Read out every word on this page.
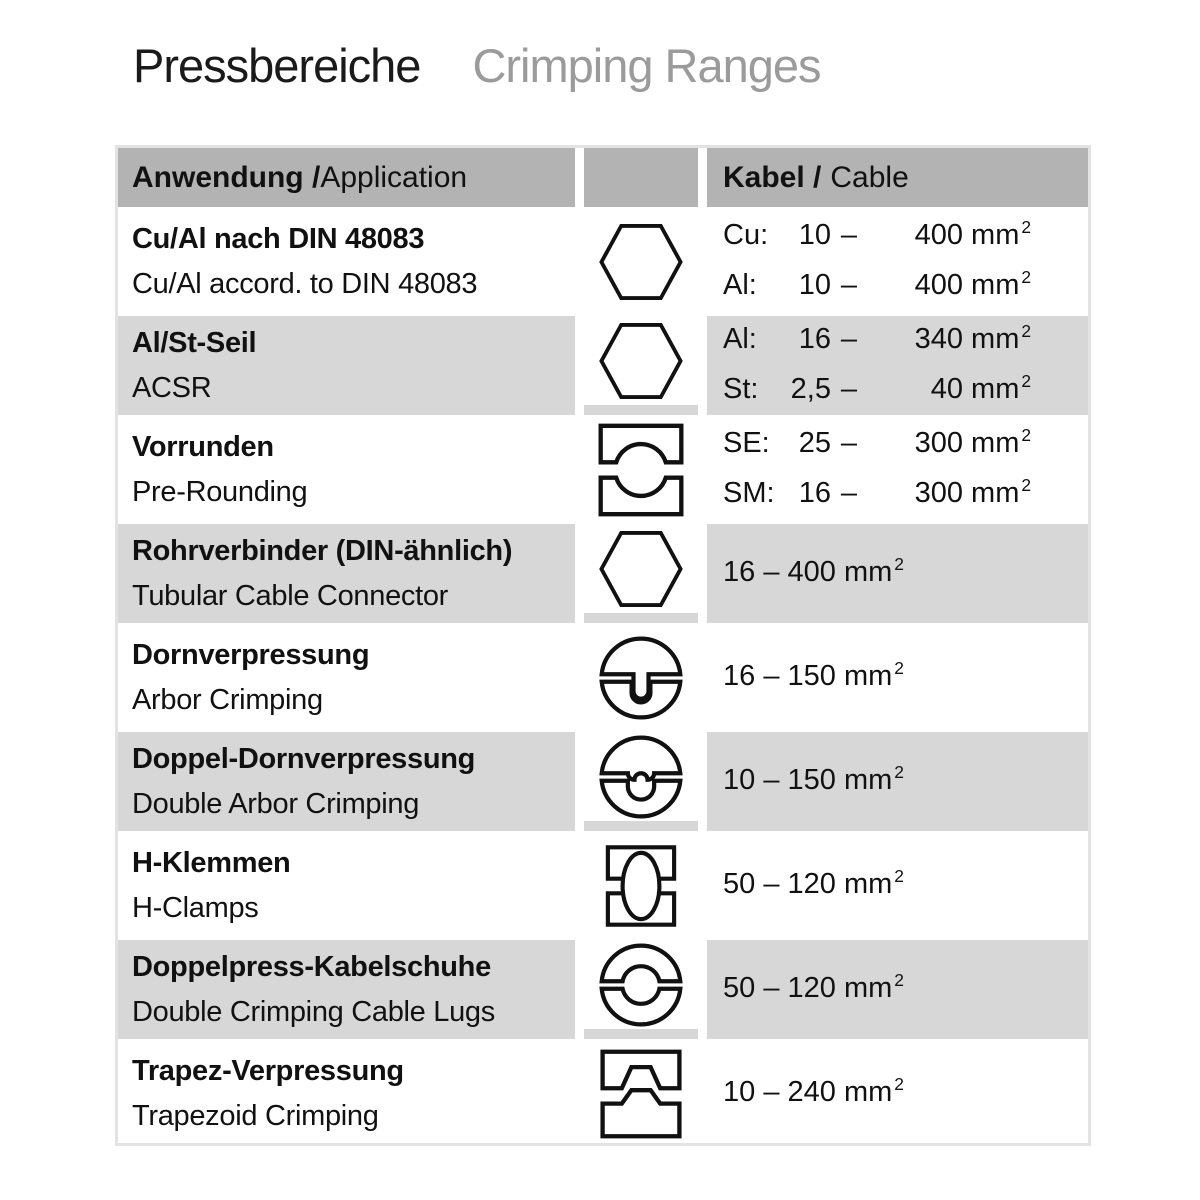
Pressbereiche Crimping Ranges
Anwendung / Application	Kabel / Cable
Cu/Al nach DIN 48083
Cu/Al accord. to DIN 48083
Cu: 10 – 400 mm $^2$
Al: 10 – 400 mm $^2$
Al/St-Seil
ACSR
Al: 16 – 340 mm $^2$
St: 2,5 –	40 mm $^2$
Vorrunden
Pre-Rounding
SE: 25 – 300 mm $^2$
SM: 16 – 300 mm $^2$
Rohrverbinder (DIN-ähnlich)
Tubular Cable Connector
16 – 400 mm $^2$
Dornverpressung
Arbor Crimping
16 – 150 mm $^2$
Doppel-Dornverpressung
Double Arbor Crimping
10 – 150 mm $^2$
H-Klemmen
H-Clamps
50 – 120 mm $^2$
Doppelpress-Kabelschuhe
Double Crimping Cable Lugs
50 – 120 mm $^2$
Trapez-Verpressung
Trapezoid Crimping
10 – 240 mm $^2$
